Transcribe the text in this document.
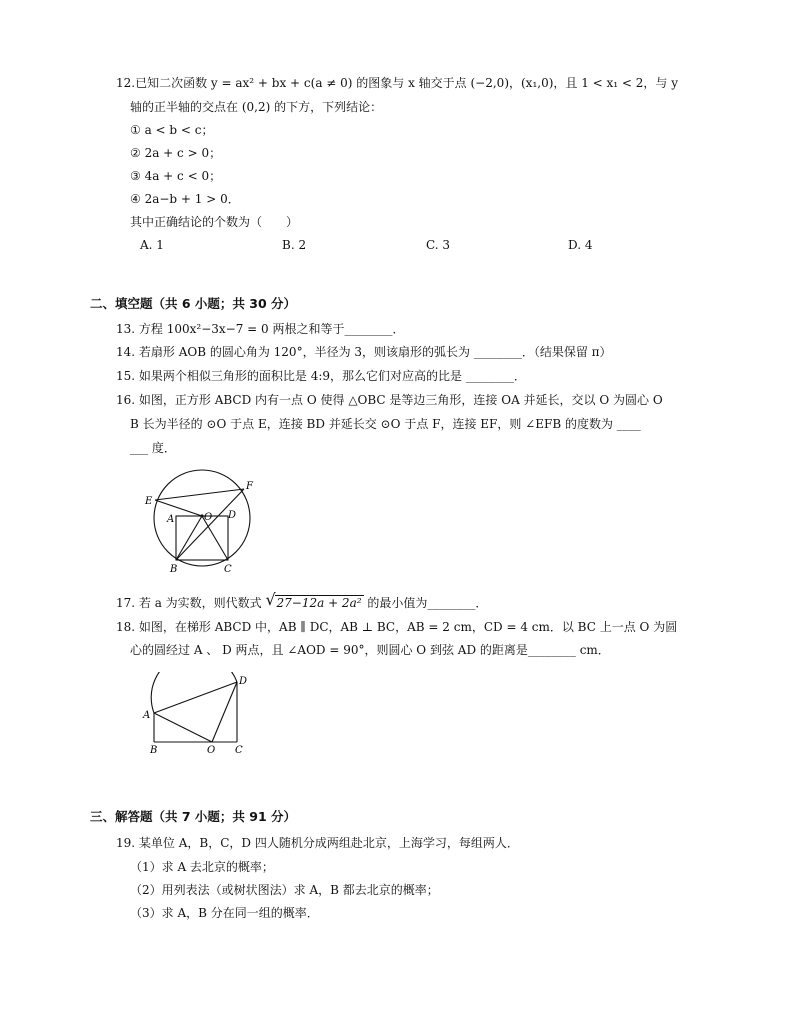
12.已知二次函数 y = ax² + bx + c(a ≠ 0) 的图象与 x 轴交于点 (−2,0)，(x₁,0)，且 1 < x₁ < 2，与 y
轴的正半轴的交点在 (0,2) 的下方，下列结论：
① a < b < c；
② 2a + c > 0；
③ 4a + c < 0；
④ 2a−b + 1 > 0．
其中正确结论的个数为（　　）
A. 1	B. 2	C. 3	D. 4
二、填空题（共 6 小题；共 30 分）
13. 方程 100x²−3x−7 = 0 两根之和等于________．
14. 若扇形 AOB 的圆心角为 120°，半径为 3，则该扇形的弧长为 ________．（结果保留 π）
15. 如果两个相似三角形的面积比是 4:9，那么它们对应高的比是 ________．
16. 如图，正方形 ABCD 内有一点 O 使得 △OBC 是等边三角形，连接 OA 并延长，交以 O 为圆心 O
B 长为半径的 ⊙O 于点 E，连接 BD 并延长交 ⊙O 于点 F，连接 EF，则 ∠EFB 的度数为 ____
___ 度．
E
F
A	O D
B	C
17. 若 a 为实数，则代数式 √ 27−12a + 2a² 的最小值为________．
18. 如图，在梯形 ABCD 中，AB ∥ DC，AB ⊥ BC，AB = 2 cm，CD = 4 cm．以 BC 上一点 O 为圆
心的圆经过 A 、 D 两点，且 ∠AOD = 90°，则圆心 O 到弦 AD 的距离是________ cm．
A
B	O C
D
三、解答题（共 7 小题；共 91 分）
19. 某单位 A，B，C，D 四人随机分成两组赴北京，上海学习，每组两人．
（1）求 A 去北京的概率；
（2）用列表法（或树状图法）求 A，B 都去北京的概率；
（3）求 A，B 分在同一组的概率．
